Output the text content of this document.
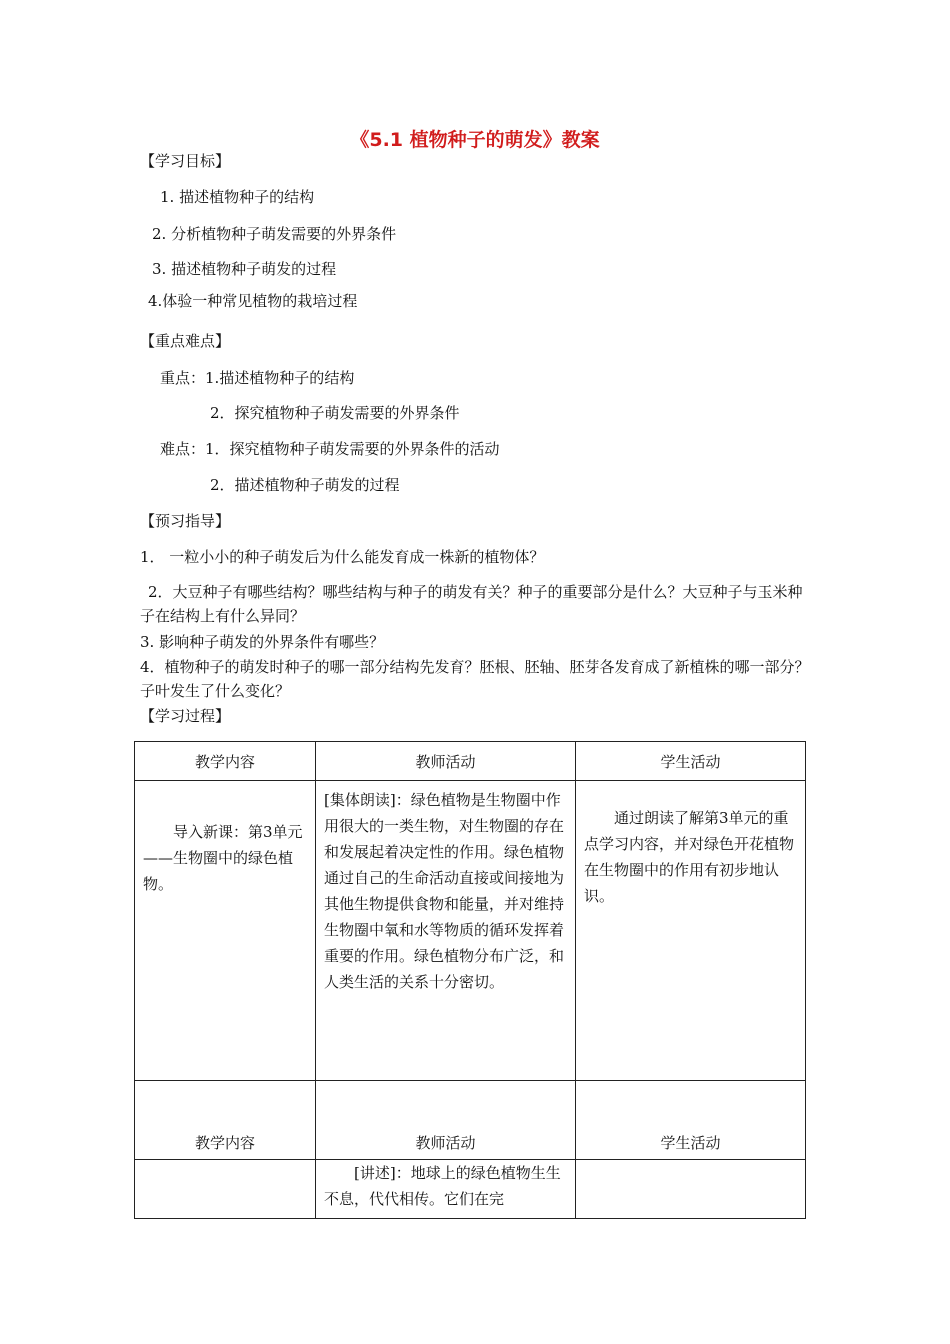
《5.1 植物种子的萌发》教案
【学习目标】
1. 描述植物种子的结构
2. 分析植物种子萌发需要的外界条件
3. 描述植物种子萌发的过程
4.体验一种常见植物的栽培过程
【重点难点】
重点：1.描述植物种子的结构
2．探究植物种子萌发需要的外界条件
难点：1．探究植物种子萌发需要的外界条件的活动
2．描述植物种子萌发的过程
【预习指导】
1． 一粒小小的种子萌发后为什么能发育成一株新的植物体？
2．大豆种子有哪些结构？哪些结构与种子的萌发有关？种子的重要部分是什么？大豆种子与玉米种子在结构上有什么异同？
3. 影响种子萌发的外界条件有哪些？
4．植物种子的萌发时种子的哪一部分结构先发育？胚根、胚轴、胚芽各发育成了新植株的哪一部分？子叶发生了什么变化？
【学习过程】
教学内容	教师活动	学生活动

导入新课：第3单元——生物圈中的绿色植物。	[集体朗读]：绿色植物是生物圈中作用很大的一类生物，对生物圈的存在和发展起着决定性的作用。绿色植物通过自己的生命活动直接或间接地为其他生物提供食物和能量，并对维持生物圈中氧和水等物质的循环发挥着重要的作用。绿色植物分布广泛，和人类生活的关系十分密切。	通过朗读了解第3单元的重点学习内容，并对绿色开花植物在生物圈中的作用有初步地认识。

教学内容	教师活动	学生活动

	[讲述]：地球上的绿色植物生生不息，代代相传。它们在完	
